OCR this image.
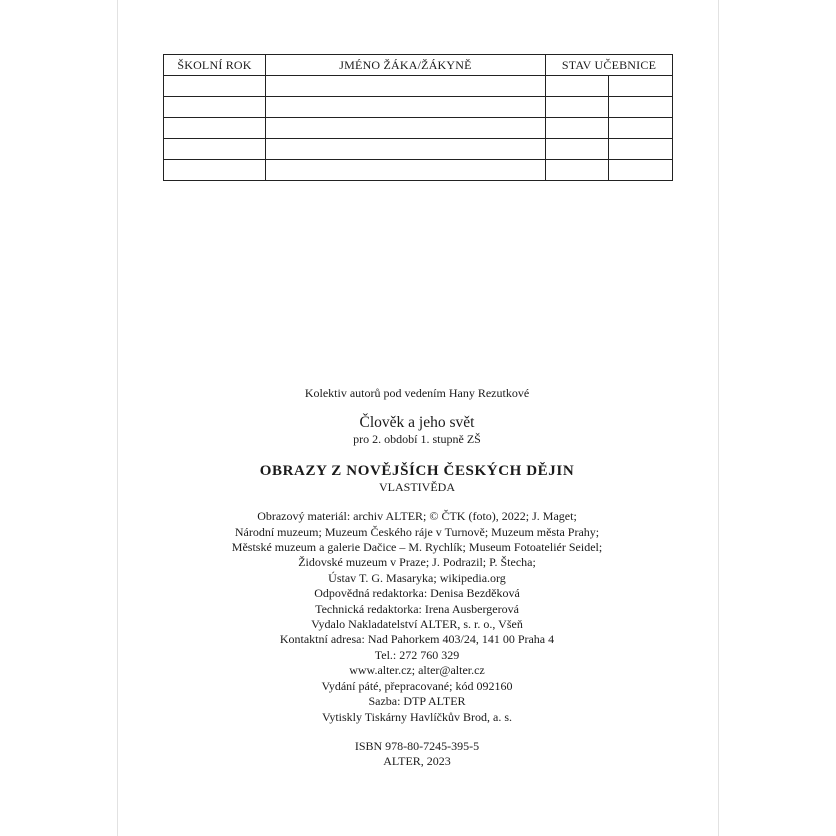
ŠKOLNÍ ROK	JMÉNO ŽÁKA/ŽÁKYNĚ	STAV UČEBNICE	

Kolektiv autorů pod vedením Hany Rezutkové
Člověk a jeho svět
pro 2. období 1. stupně ZŠ
OBRAZY Z NOVĚJŠÍCH ČESKÝCH DĚJIN
VLASTIVĚDA
Obrazový materiál: archiv ALTER; © ČTK (foto), 2022; J. Maget;
Národní muzeum; Muzeum Českého ráje v Turnově; Muzeum města Prahy;
Městské muzeum a galerie Dačice – M. Rychlík; Museum Fotoateliér Seidel;
Židovské muzeum v Praze; J. Podrazil; P. Štecha;
Ústav T. G. Masaryka; wikipedia.org
Odpovědná redaktorka: Denisa Bezděková
Technická redaktorka: Irena Ausbergerová
Vydalo Nakladatelství ALTER, s. r. o., Všeň
Kontaktní adresa: Nad Pahorkem 403/24, 141 00 Praha 4
Tel.: 272 760 329
www.alter.cz; alter@alter.cz
Vydání páté, přepracované; kód 092160
Sazba: DTP ALTER
Vytiskly Tiskárny Havlíčkův Brod, a. s.
ISBN 978-80-7245-395-5
ALTER, 2023
